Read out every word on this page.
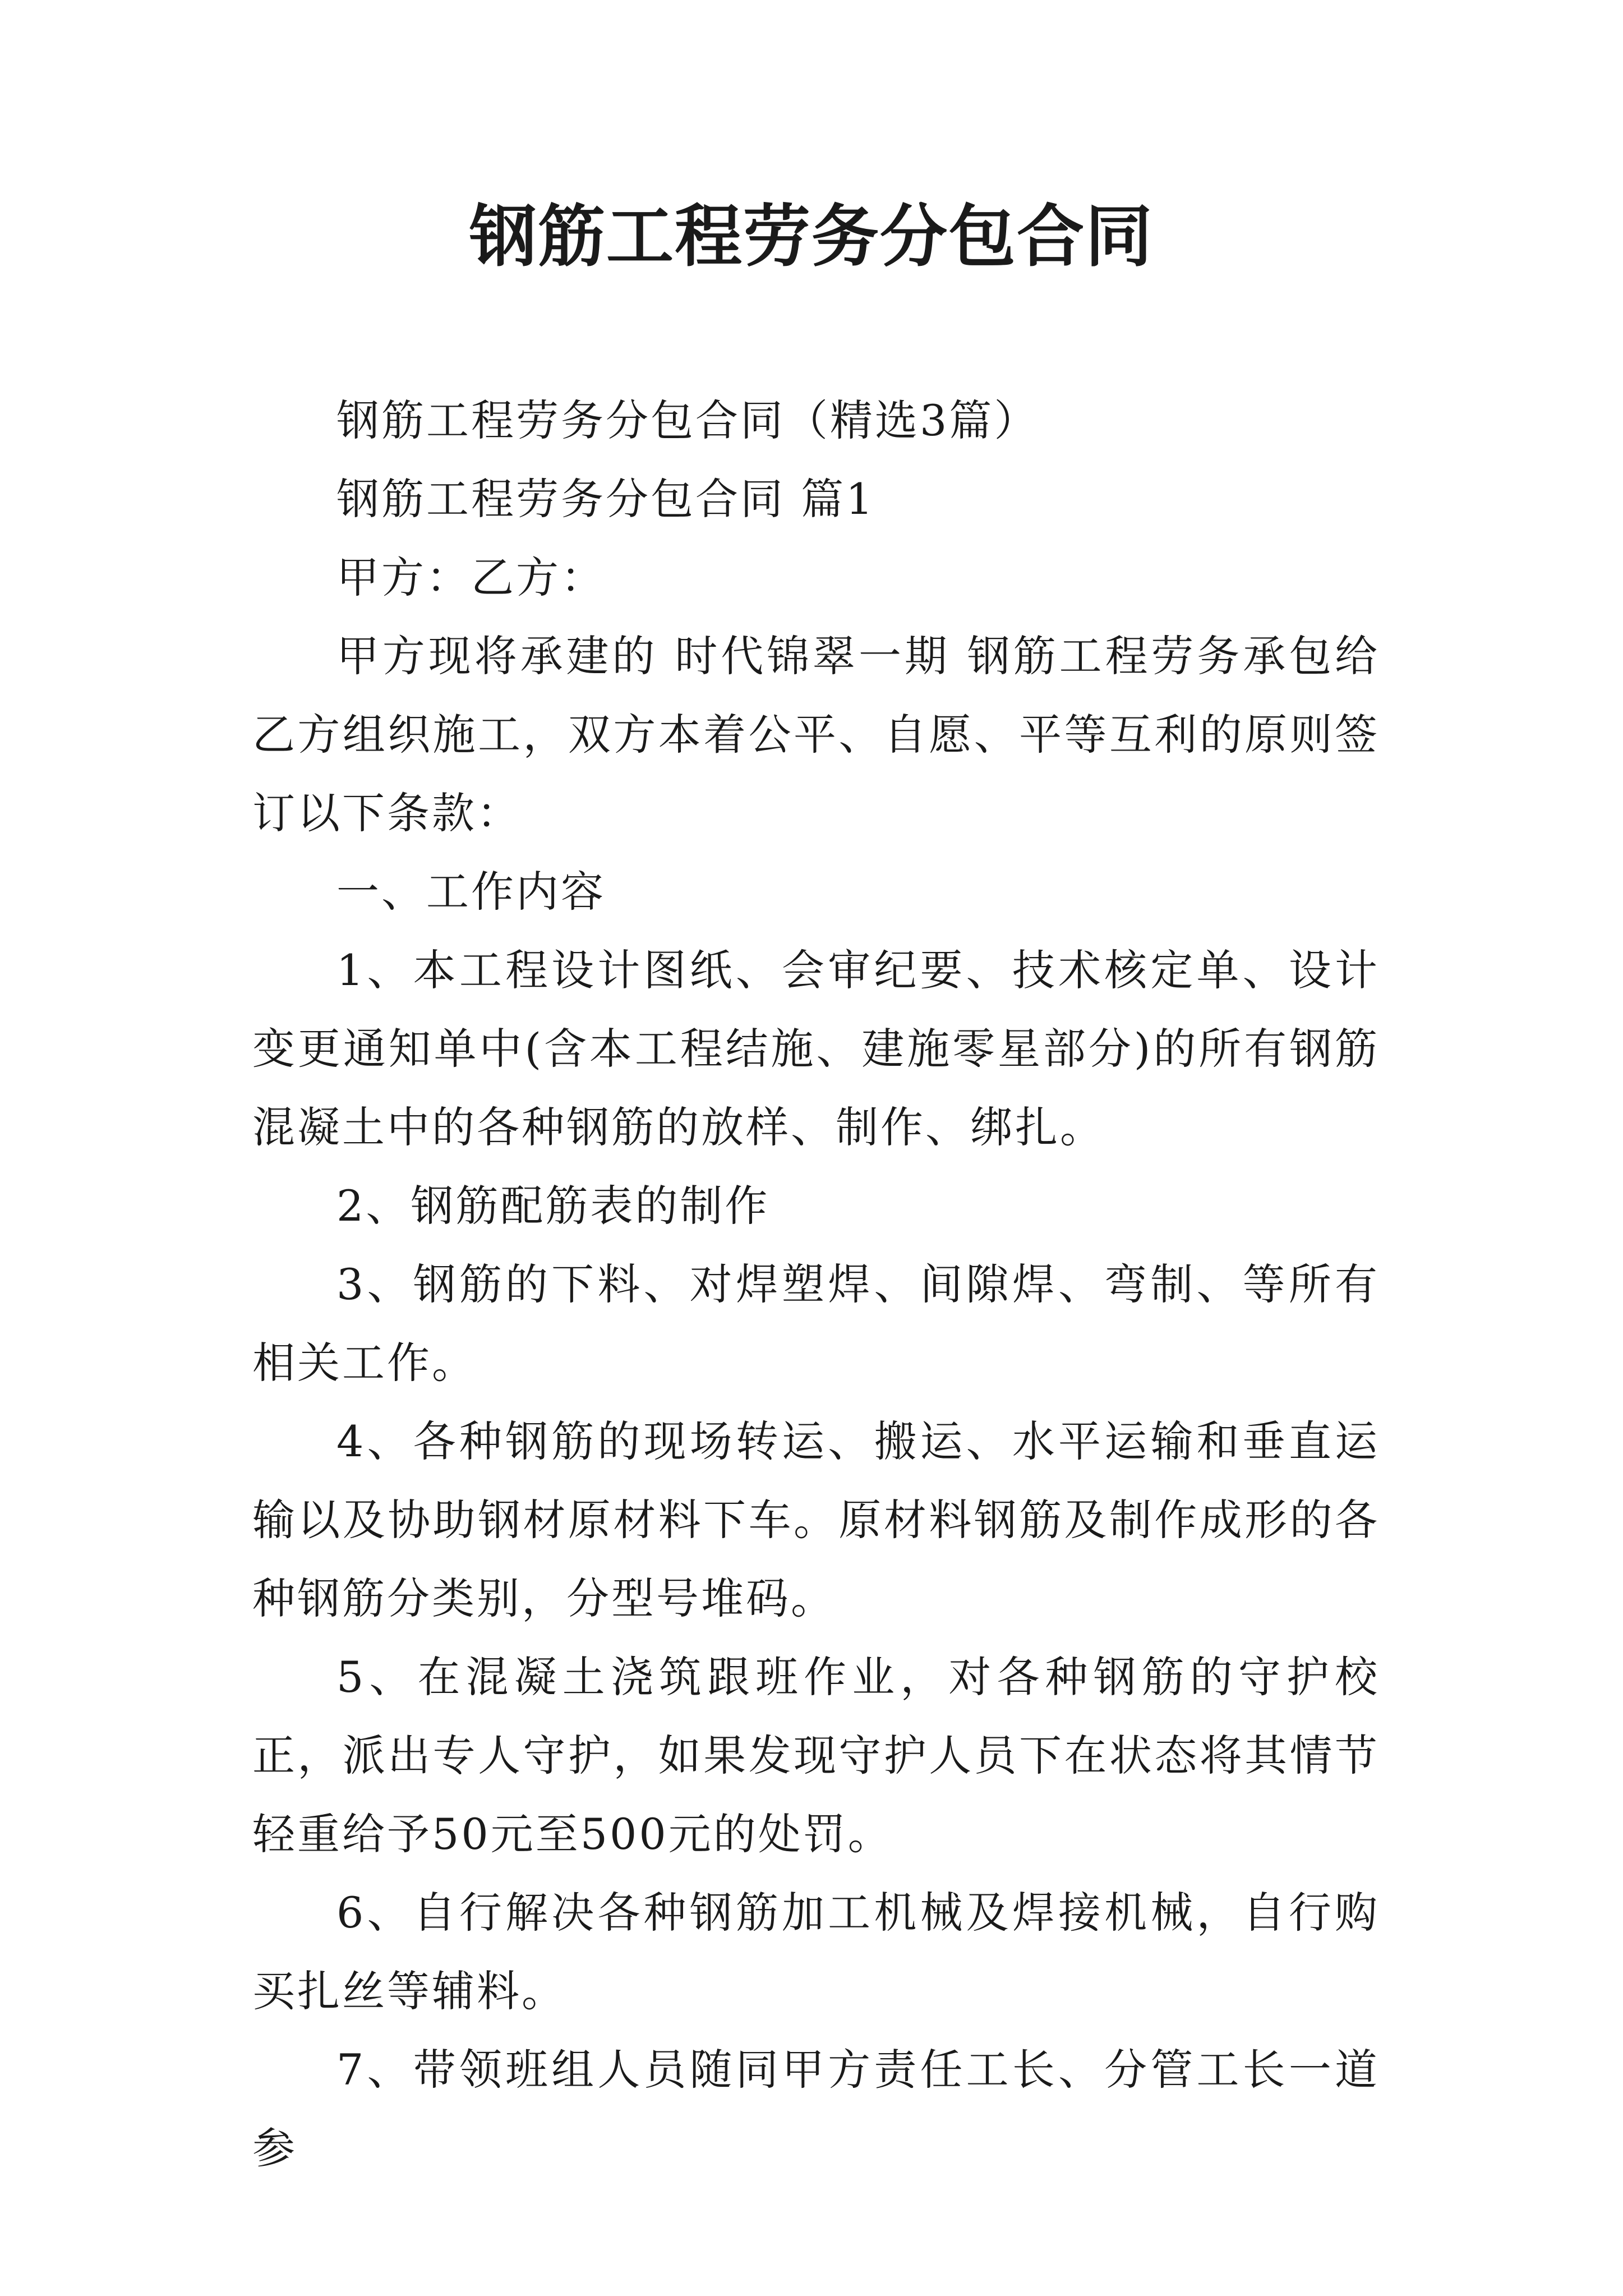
钢筋工程劳务分包合同

钢筋工程劳务分包合同（精选3篇）

钢筋工程劳务分包合同 篇1

甲方：乙方：

甲方现将承建的 时代锦翠一期 钢筋工程劳务承包给乙方组织施工，双方本着公平、自愿、平等互利的原则签订以下条款：

一、工作内容

1、本工程设计图纸、会审纪要、技术核定单、设计变更通知单中(含本工程结施、建施零星部分)的所有钢筋混凝土中的各种钢筋的放样、制作、绑扎。

2、钢筋配筋表的制作

3、钢筋的下料、对焊塑焊、间隙焊、弯制、等所有相关工作。

4、各种钢筋的现场转运、搬运、水平运输和垂直运输以及协助钢材原材料下车。原材料钢筋及制作成形的各种钢筋分类别，分型号堆码。

5、在混凝土浇筑跟班作业，对各种钢筋的守护校正，派出专人守护，如果发现守护人员下在状态将其情节轻重给予50元至500元的处罚。

6、自行解决各种钢筋加工机械及焊接机械，自行购买扎丝等辅料。

7、带领班组人员随同甲方责任工长、分管工长一道参
